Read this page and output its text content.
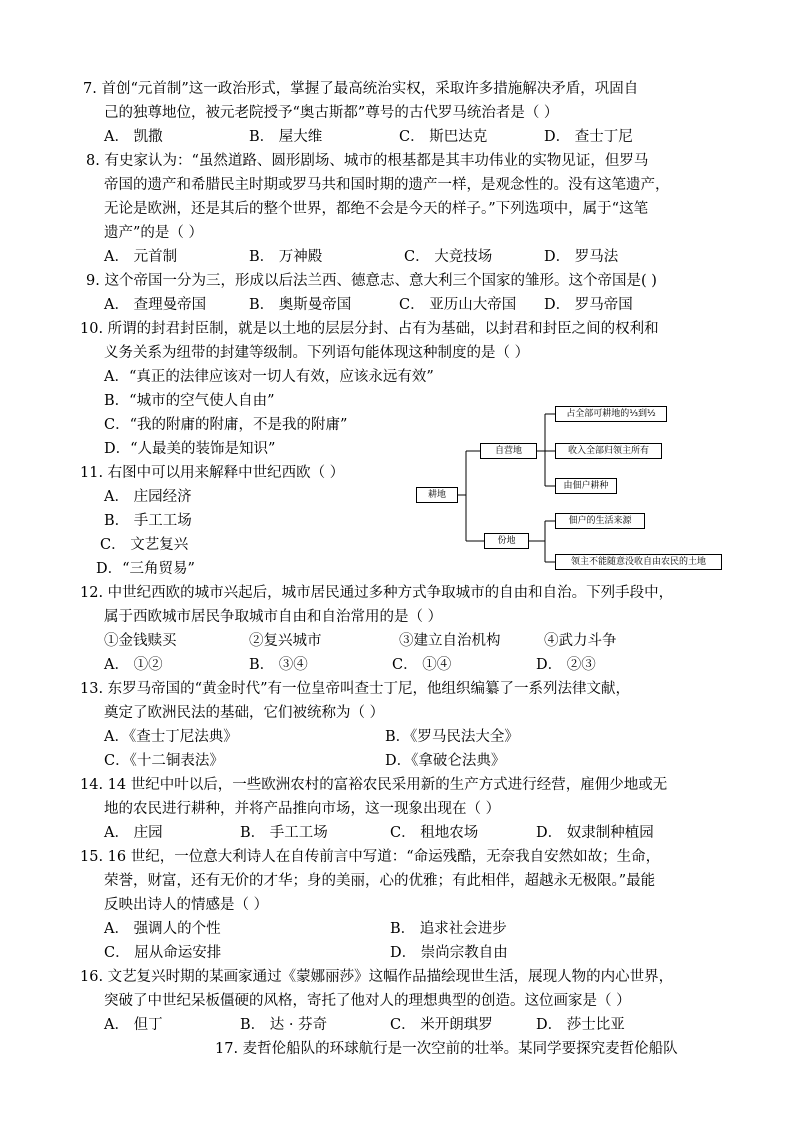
7. 首创“元首制”这一政治形式，掌握了最高统治实权，采取许多措施解决矛盾，巩固自
己的独尊地位，被元老院授予“奥古斯都”尊号的古代罗马统治者是（ ）
A． 凯撒	B． 屋大维	C． 斯巴达克	D． 查士丁尼
8. 有史家认为：“虽然道路、圆形剧场、城市的根基都是其丰功伟业的实物见证，但罗马
帝国的遗产和希腊民主时期或罗马共和国时期的遗产一样，是观念性的。没有这笔遗产，
无论是欧洲，还是其后的整个世界，都绝不会是今天的样子。”下列选项中，属于“这笔
遗产”的是（ ）
A． 元首制	B． 万神殿	C． 大竞技场	D． 罗马法
9. 这个帝国一分为三，形成以后法兰西、德意志、意大利三个国家的雏形。这个帝国是( )
A． 查理曼帝国	B． 奥斯曼帝国	C． 亚历山大帝国 D． 罗马帝国
10. 所谓的封君封臣制，就是以土地的层层分封、占有为基础，以封君和封臣之间的权利和
义务关系为纽带的封建等级制。下列语句能体现这种制度的是（ ）
A．“真正的法律应该对一切人有效，应该永远有效”
B．“城市的空气使人自由”
C．“我的附庸的附庸，不是我的附庸”
D．“人最美的装饰是知识”
11. 右图中可以用来解释中世纪西欧（ ）
A． 庄园经济
B． 手工工场
C． 文艺复兴
D．“三角贸易”
耕地
自营地
份地
占全部可耕地的⅓到½
收入全部归领主所有
由佃户耕种
佃户的生活来源
领主不能随意没收自由农民的土地
12. 中世纪西欧的城市兴起后，城市居民通过多种方式争取城市的自由和自治。下列手段中，
属于西欧城市居民争取城市自由和自治常用的是（ ）
①金钱赎买	②复兴城市	③建立自治机构	④武力斗争
A． ①②	B． ③④	C． ①④	D． ②③
13. 东罗马帝国的“黄金时代”有一位皇帝叫查士丁尼，他组织编纂了一系列法律文献，
奠定了欧洲民法的基础，它们被统称为（ ）
A．《查士丁尼法典》	B．《罗马民法大全》
C．《十二铜表法》	D．《拿破仑法典》
14. 14 世纪中叶以后，一些欧洲农村的富裕农民采用新的生产方式进行经营，雇佣少地或无
地的农民进行耕种，并将产品推向市场，这一现象出现在（ ）
A． 庄园	B． 手工工场	C． 租地农场	D． 奴隶制种植园
15. 16 世纪，一位意大利诗人在自传前言中写道：“命运残酷，无奈我自安然如故；生命，
荣誉，财富，还有无价的才华；身的美丽，心的优雅；有此相伴，超越永无极限。”最能
反映出诗人的情感是（ ）
A． 强调人的个性	B． 追求社会进步
C． 屈从命运安排	D． 崇尚宗教自由
16. 文艺复兴时期的某画家通过《蒙娜丽莎》这幅作品描绘现世生活，展现人物的内心世界，
突破了中世纪呆板僵硬的风格，寄托了他对人的理想典型的创造。这位画家是（ ）
A． 但丁	B． 达 · 芬奇	C． 米开朗琪罗	D． 莎士比亚
17. 麦哲伦船队的环球航行是一次空前的壮举。某同学要探究麦哲伦船队
